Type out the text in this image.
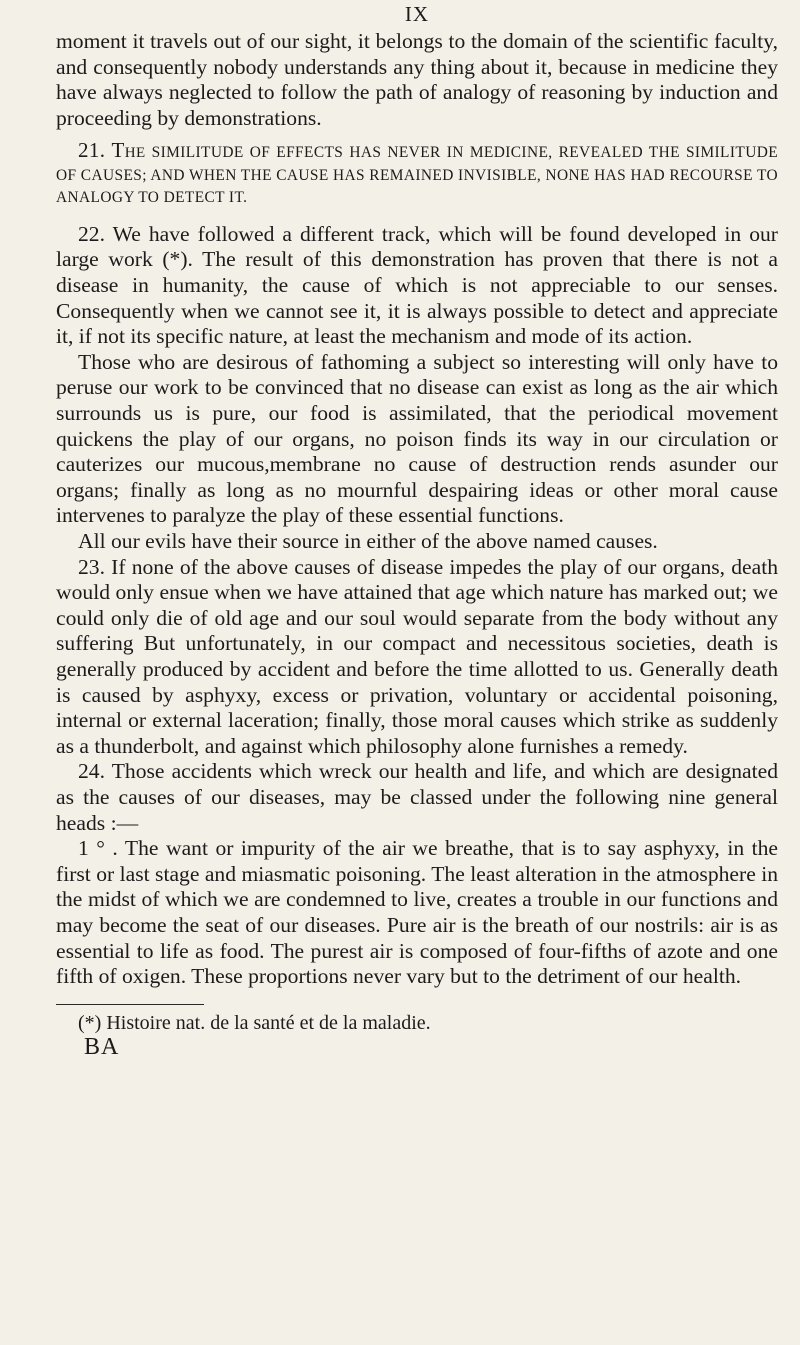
IX

moment it travels out of our sight, it belongs to the domain of the scientific faculty, and consequently nobody understands any thing about it, because in medicine they have always neglected to follow the path of analogy of reasoning by induction and proceeding by demonstrations.

21. The SIMILITUDE OF EFFECTS HAS NEVER IN MEDICINE, REVEALED THE SIMILITUDE OF CAUSES; AND WHEN THE CAUSE HAS REMAINED INVISIBLE, NONE HAS HAD RECOURSE TO ANALOGY TO DETECT IT.

22. We have followed a different track, which will be found developed in our large work (*). The result of this demonstration has proven that there is not a disease in humanity, the cause of which is not appreciable to our senses. Consequently when we cannot see it, it is always possible to detect and appreciate it, if not its specific nature, at least the mechanism and mode of its action.

Those who are desirous of fathoming a subject so interesting will only have to peruse our work to be convinced that no disease can exist as long as the air which surrounds us is pure, our food is assimilated, that the periodical movement quickens the play of our organs, no poison finds its way in our circulation or cauterizes our mucous,membrane no cause of destruction rends asunder our organs; finally as long as no mournful despairing ideas or other moral cause intervenes to paralyze the play of these essential functions.

All our evils have their source in either of the above named causes.

23. If none of the above causes of disease impedes the play of our organs, death would only ensue when we have attained that age which nature has marked out; we could only die of old age and our soul would separate from the body without any suffering But unfortunately, in our compact and necessitous societies, death is generally produced by accident and before the time allotted to us. Generally death is caused by asphyxy, excess or privation, voluntary or accidental poisoning, internal or external laceration; finally, those moral causes which strike as suddenly as a thunderbolt, and against which philosophy alone furnishes a remedy.

24. Those accidents which wreck our health and life, and which are designated as the causes of our diseases, may be classed under the following nine general heads :—

1 ° . The want or impurity of the air we breathe, that is to say asphyxy, in the first or last stage and miasmatic poisoning. The least alteration in the atmosphere in the midst of which we are condemned to live, creates a trouble in our functions and may become the seat of our diseases. Pure air is the breath of our nostrils: air is as essential to life as food. The purest air is composed of four-fifths of azote and one fifth of oxigen. These proportions never vary but to the detriment of our health.

(*) Histoire nat. de la santé et de la maladie.

BA
